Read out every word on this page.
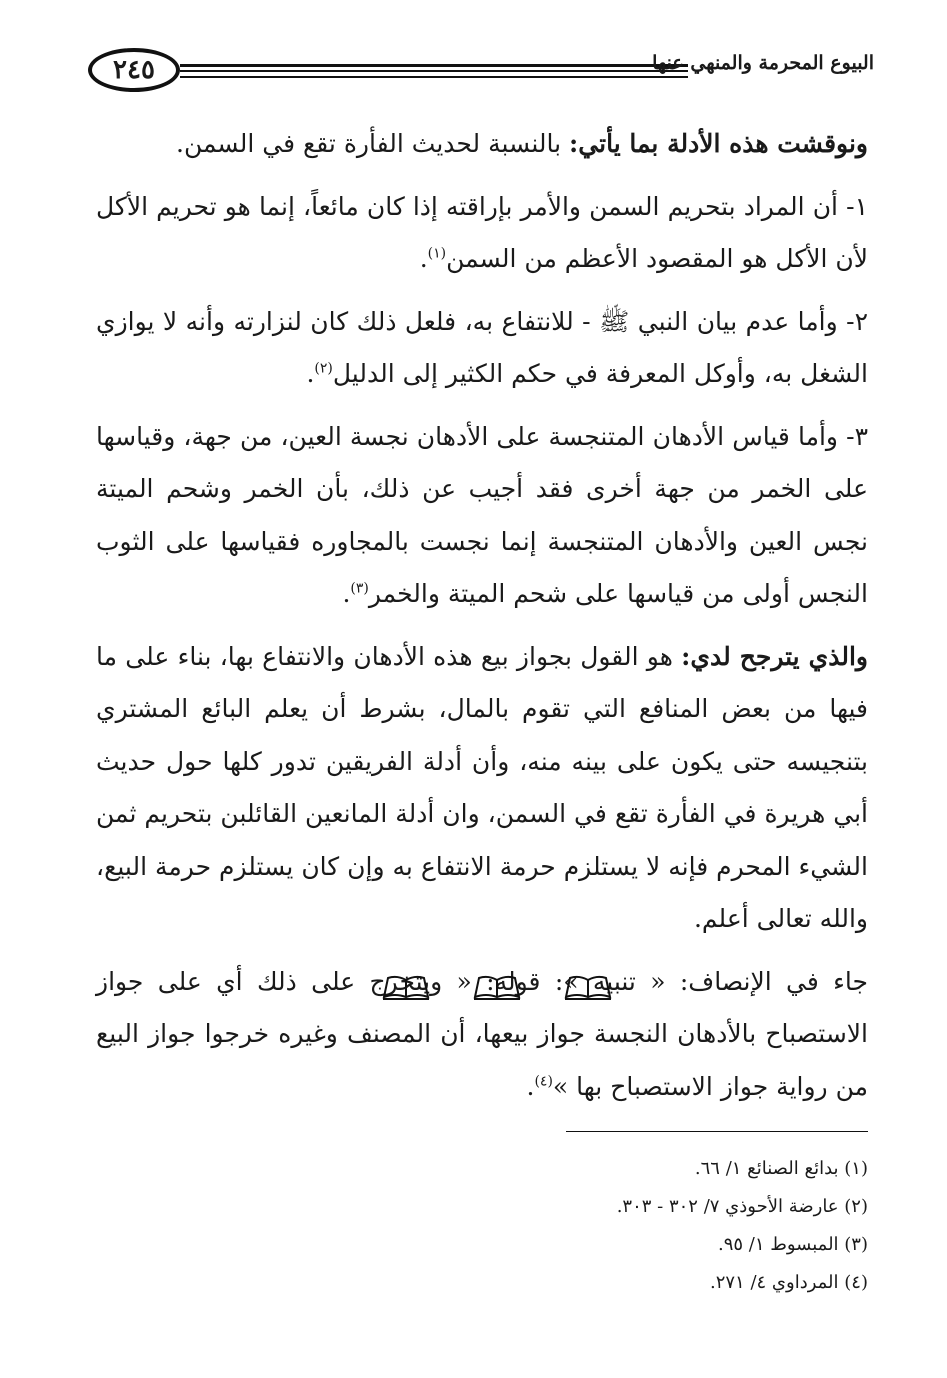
٢٤٥	البيوع المحرمة والمنهي عنها

ونوقشت هذه الأدلة بما يأتي: بالنسبة لحديث الفأرة تقع في السمن.

١- أن المراد بتحريم السمن والأمر بإراقته إذا كان مائعاً، إنما هو تحريم الأكل لأن الأكل هو المقصود الأعظم من السمن$^{(١)}$.

٢- وأما عدم بيان النبي ﷺ - للانتفاع به، فلعل ذلك كان لنزارته وأنه لا يوازي الشغل به، وأوكل المعرفة في حكم الكثير إلى الدليل$^{(٢)}$.

٣- وأما قياس الأدهان المتنجسة على الأدهان نجسة العين، من جهة، وقياسها على الخمر من جهة أخرى فقد أجيب عن ذلك، بأن الخمر وشحم الميتة نجس العين والأدهان المتنجسة إنما نجست بالمجاوره فقياسها على الثوب النجس أولى من قياسها على شحم الميتة والخمر$^{(٣)}$.

والذي يترجح لدي: هو القول بجواز بيع هذه الأدهان والانتفاع بها، بناء على ما فيها من بعض المنافع التي تقوم بالمال، بشرط أن يعلم البائع المشتري بتنجيسه حتى يكون على بينه منه، وأن أدلة الفريقين تدور كلها حول حديث أبي هريرة في الفأرة تقع في السمن، وان أدلة المانعين القائلبن بتحريم ثمن الشيء المحرم فإنه لا يستلزم حرمة الانتفاع به وإن كان يستلزم حرمة البيع، والله تعالى أعلم.

جاء في الإنصاف: « تنبيه »: قوله: « ويتخرج على ذلك أي على جواز الاستصباح بالأدهان النجسة جواز بيعها، أن المصنف وغيره خرجوا جواز البيع من رواية جواز الاستصباح بها »$^{(٤)}$.

(١) بدائع الصنائع ١/ ٦٦.
(٢) عارضة الأحوذي ٧/ ٣٠٢ - ٣٠٣.
(٣) المبسوط ١/ ٩٥.
(٤) المرداوي ٤/ ٢٧١.
